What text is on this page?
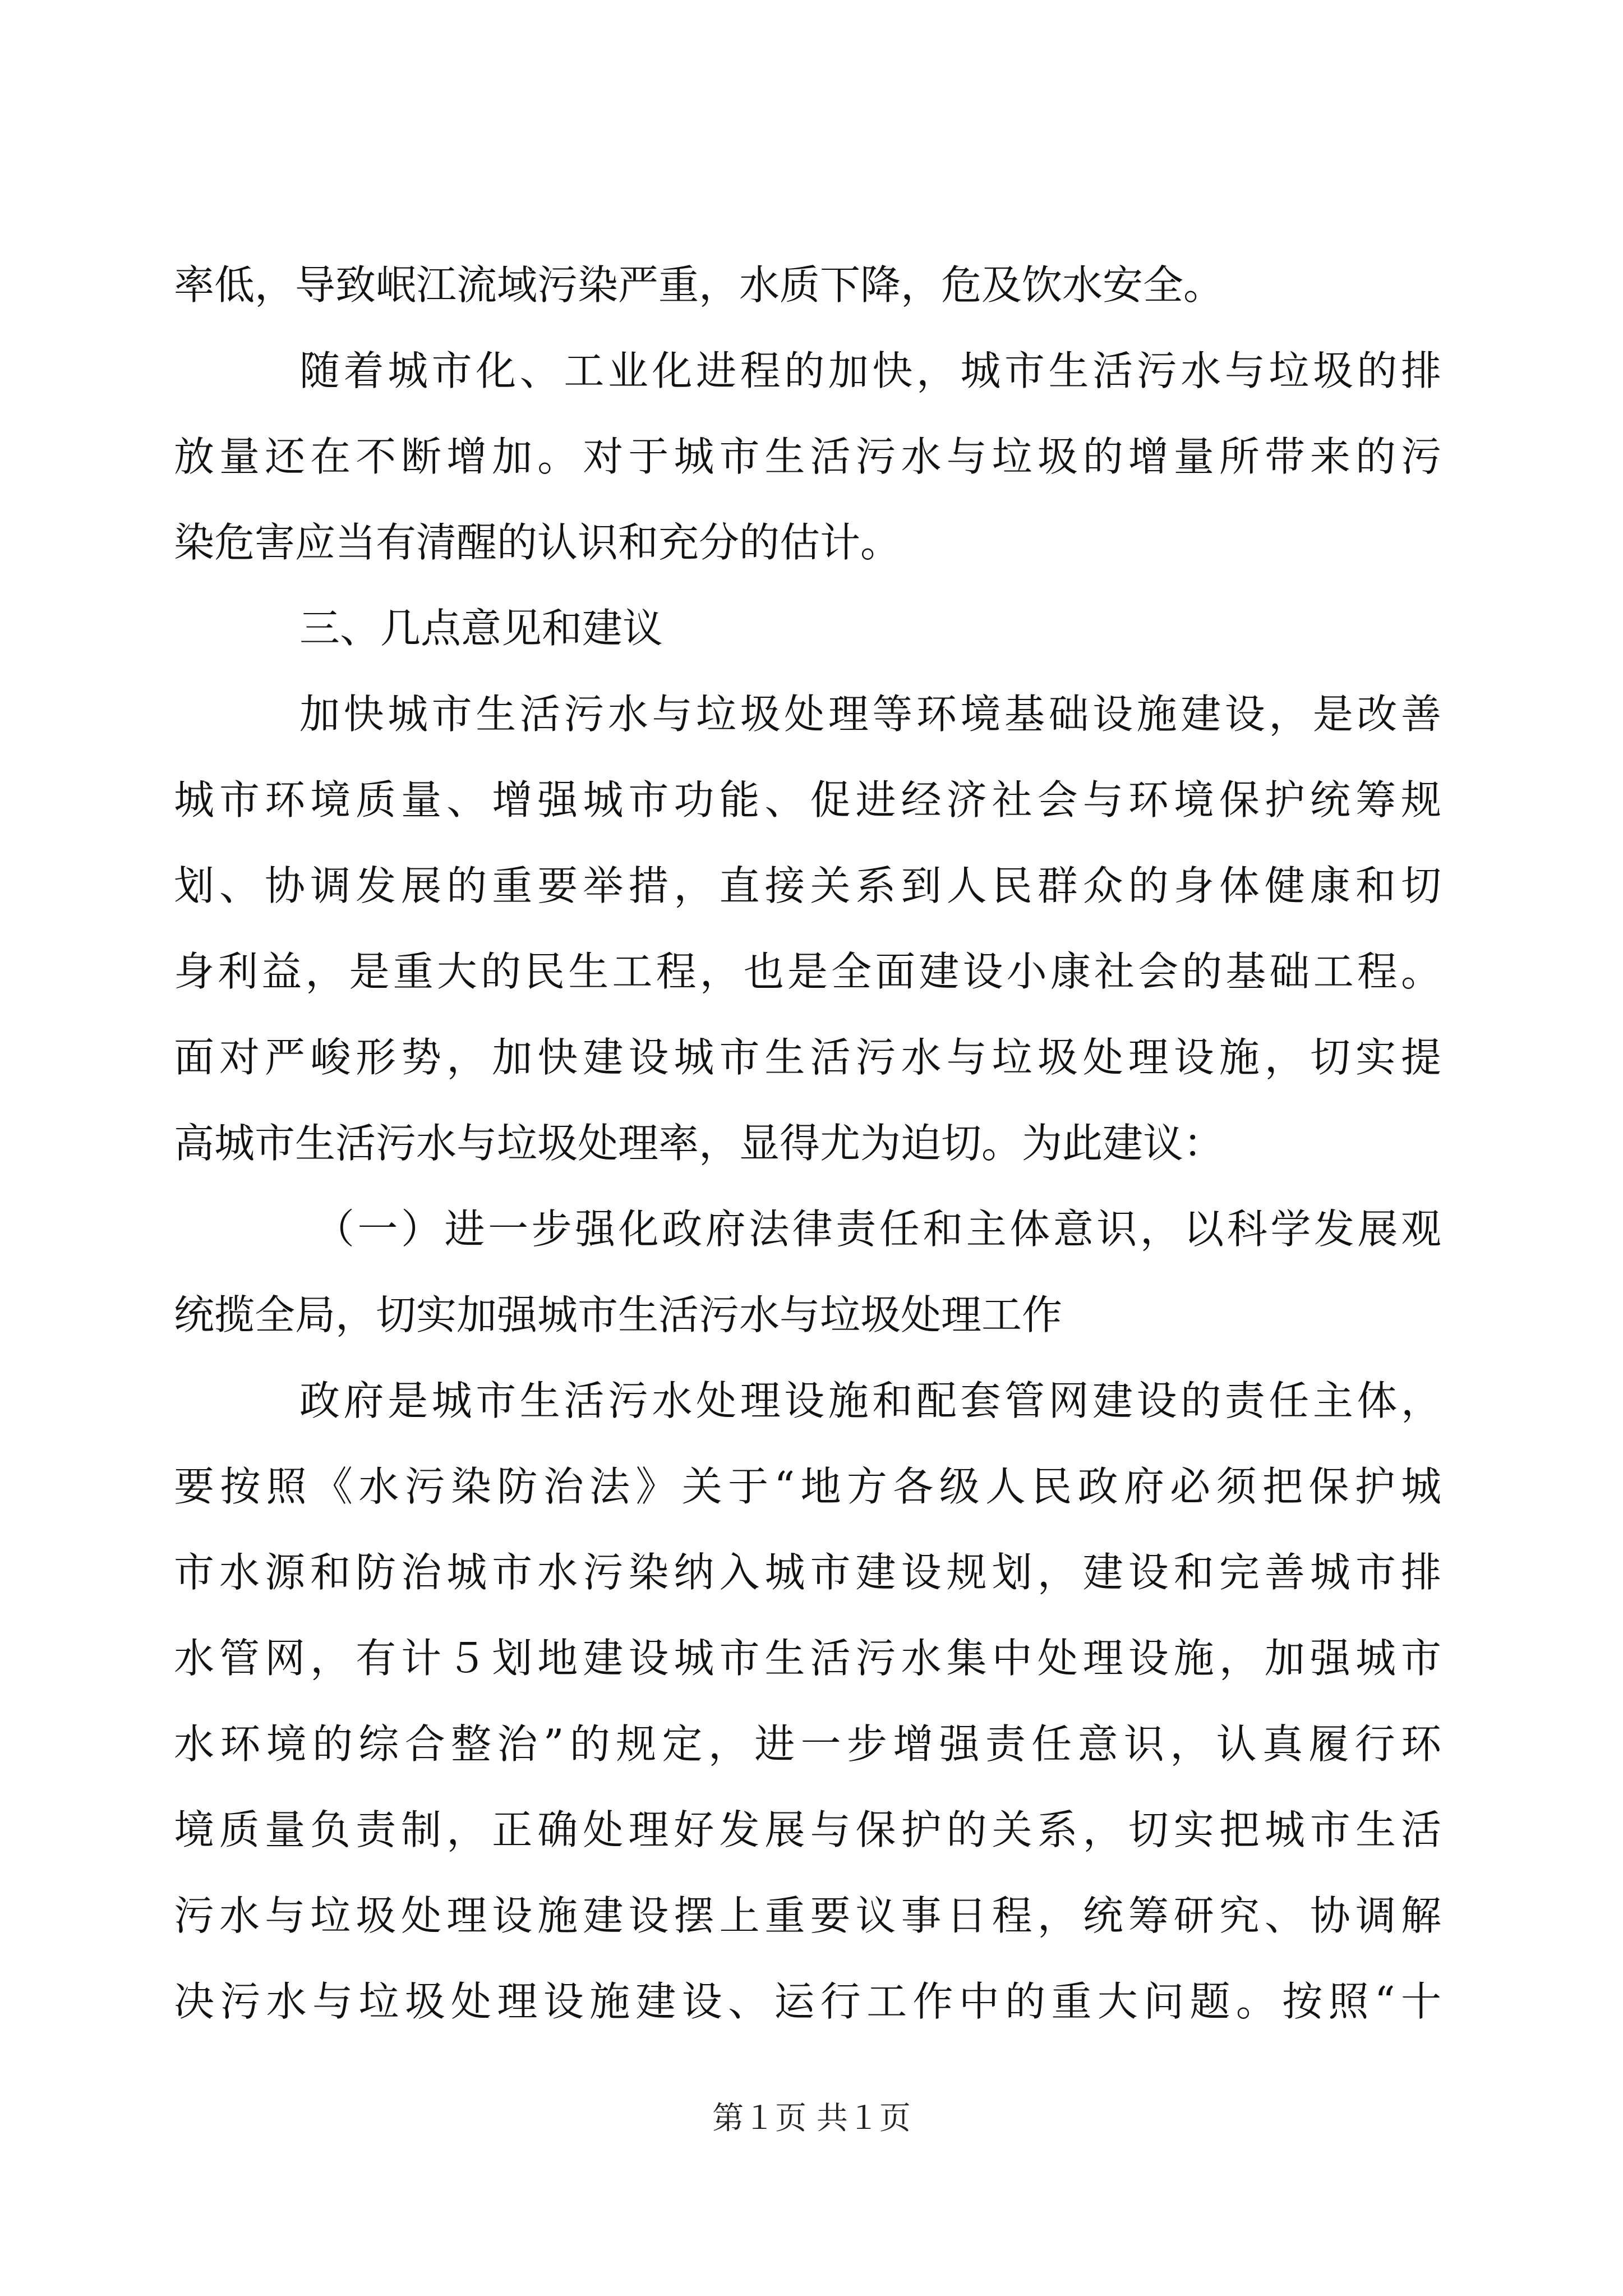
率低，导致岷江流域污染严重，水质下降，危及饮水安全。
随着城市化、工业化进程的加快，城市生活污水与垃圾的排
放量还在不断增加。对于城市生活污水与垃圾的增量所带来的污
染危害应当有清醒的认识和充分的估计。
三、几点意见和建议
加快城市生活污水与垃圾处理等环境基础设施建设，是改善
城市环境质量、增强城市功能、促进经济社会与环境保护统筹规
划、协调发展的重要举措，直接关系到人民群众的身体健康和切
身利益，是重大的民生工程，也是全面建设小康社会的基础工程。
面对严峻形势，加快建设城市生活污水与垃圾处理设施，切实提
高城市生活污水与垃圾处理率，显得尤为迫切。为此建议：
（一）进一步强化政府法律责任和主体意识，以科学发展观
统揽全局，切实加强城市生活污水与垃圾处理工作
政府是城市生活污水处理设施和配套管网建设的责任主体，
要按照《水污染防治法》关于“地方各级人民政府必须把保护城
市水源和防治城市水污染纳入城市建设规划，建设和完善城市排
水管网，有计５划地建设城市生活污水集中处理设施，加强城市
水环境的综合整治”的规定，进一步增强责任意识，认真履行环
境质量负责制，正确处理好发展与保护的关系，切实把城市生活
污水与垃圾处理设施建设摆上重要议事日程，统筹研究、协调解
决污水与垃圾处理设施建设、运行工作中的重大问题。按照“十
第１页 共１页
